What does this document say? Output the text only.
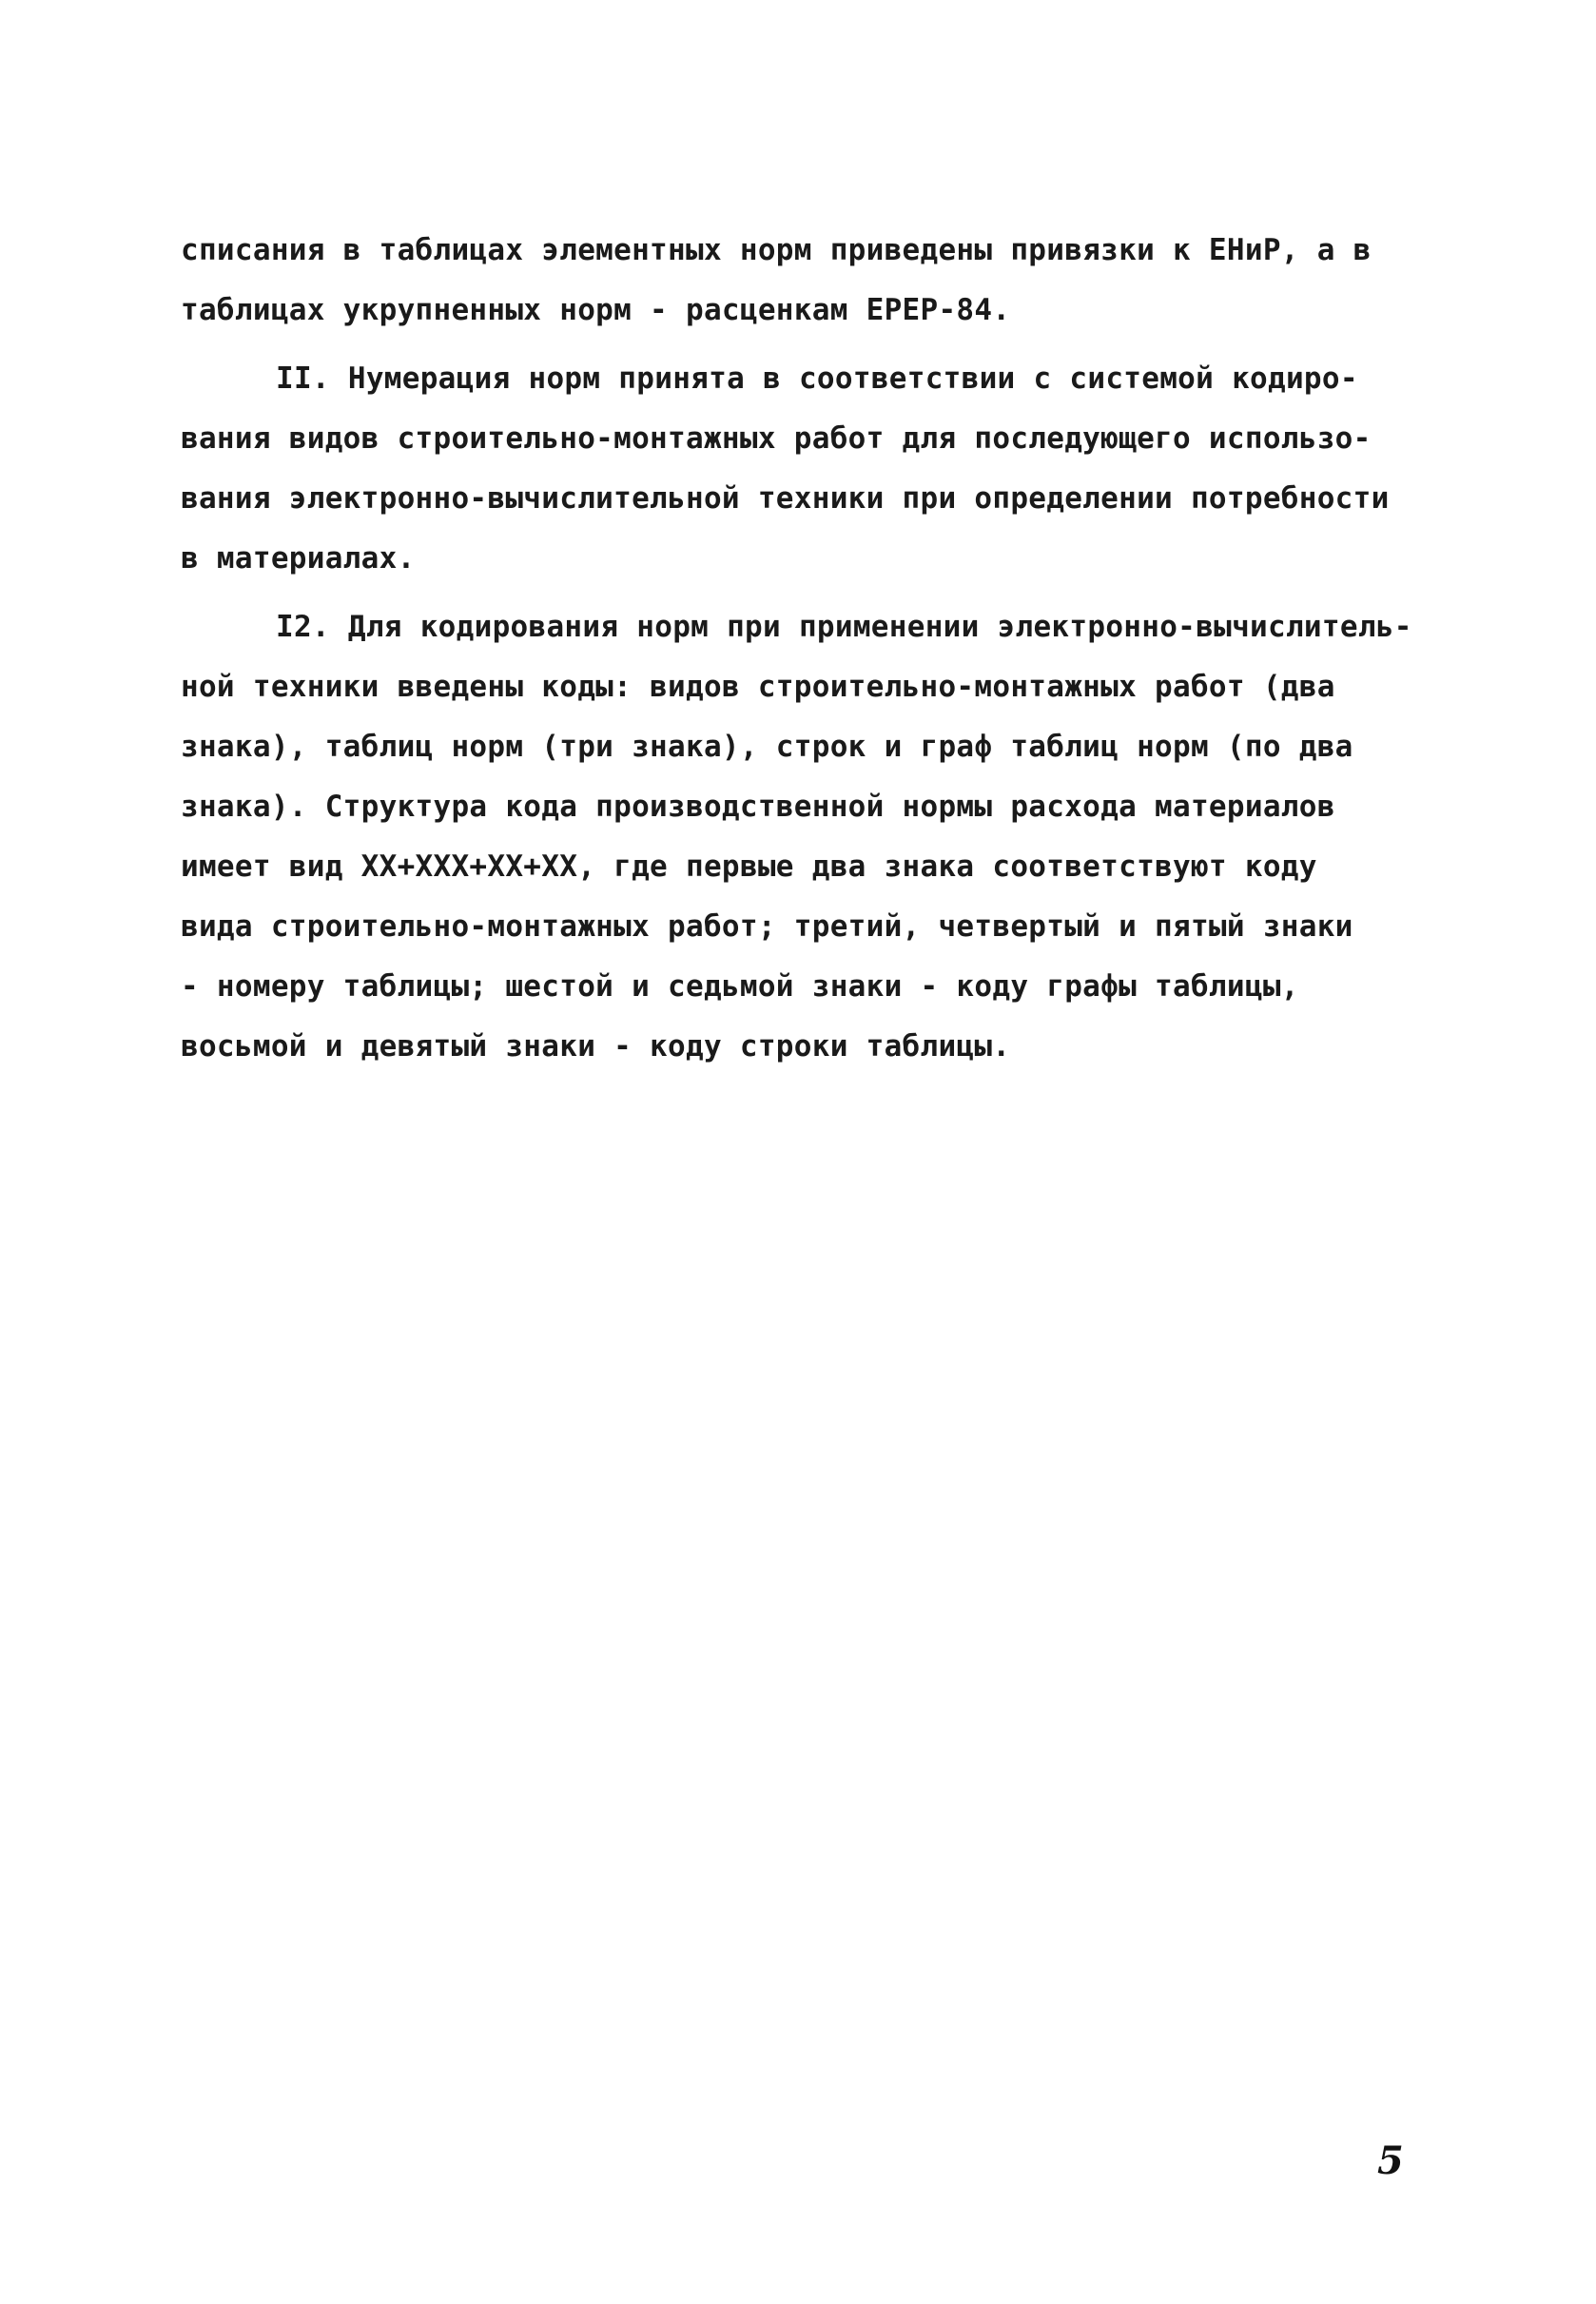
списания в таблицах элементных норм приведены привязки к ЕНиР, а в
таблицах укрупненных норм - расценкам ЕРЕР-84.
II. Нумерация норм принята в соответствии с системой кодиро-
вания видов строительно-монтажных работ для последующего использо-
вания электронно-вычислительной техники при определении потребности
в материалах.
I2. Для кодирования норм при применении электронно-вычислитель-
ной техники введены коды: видов строительно-монтажных работ (два
знака), таблиц норм (три знака), строк и граф таблиц норм (по два
знака). Структура кода производственной нормы расхода материалов
имеет вид XX+XXX+XX+XX, где первые два знака соответствуют коду
вида строительно-монтажных работ; третий, четвертый и пятый знаки
- номеру таблицы; шестой и седьмой знаки - коду графы таблицы,
восьмой и девятый знаки - коду строки таблицы.
5
